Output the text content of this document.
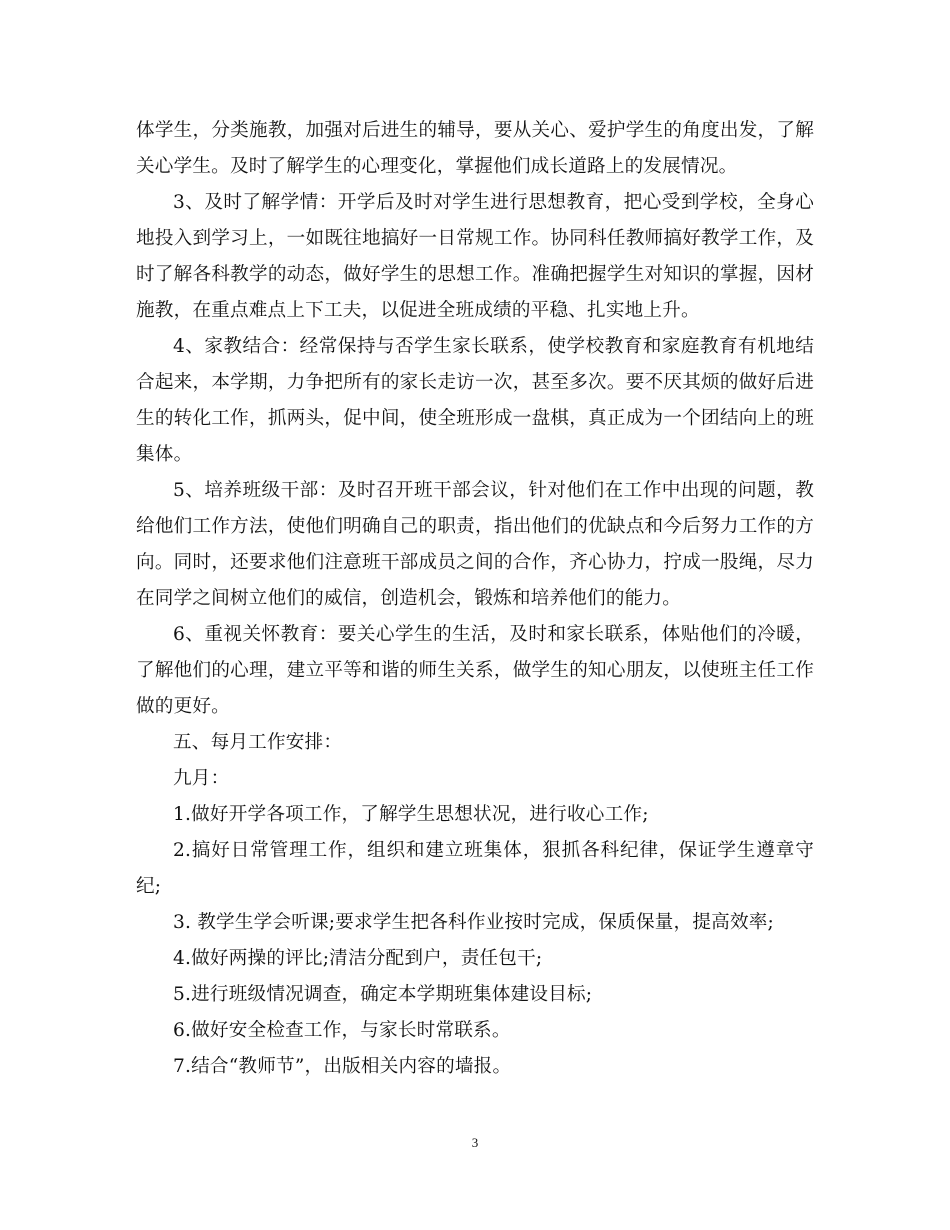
体学生，分类施教，加强对后进生的辅导，要从关心、爱护学生的角度出发，了解关心学生。及时了解学生的心理变化，掌握他们成长道路上的发展情况。

3、及时了解学情：开学后及时对学生进行思想教育，把心受到学校，全身心地投入到学习上，一如既往地搞好一日常规工作。协同科任教师搞好教学工作，及时了解各科教学的动态，做好学生的思想工作。准确把握学生对知识的掌握，因材施教，在重点难点上下工夫，以促进全班成绩的平稳、扎实地上升。

4、家教结合：经常保持与否学生家长联系，使学校教育和家庭教育有机地结合起来，本学期，力争把所有的家长走访一次，甚至多次。要不厌其烦的做好后进生的转化工作，抓两头，促中间，使全班形成一盘棋，真正成为一个团结向上的班集体。

5、培养班级干部：及时召开班干部会议，针对他们在工作中出现的问题，教给他们工作方法，使他们明确自己的职责，指出他们的优缺点和今后努力工作的方向。同时，还要求他们注意班干部成员之间的合作，齐心协力，拧成一股绳，尽力在同学之间树立他们的威信，创造机会，锻炼和培养他们的能力。

6、重视关怀教育：要关心学生的生活，及时和家长联系，体贴他们的冷暖，了解他们的心理，建立平等和谐的师生关系，做学生的知心朋友，以使班主任工作做的更好。

五、每月工作安排：

九月：

1.做好开学各项工作，了解学生思想状况，进行收心工作;

2.搞好日常管理工作，组织和建立班集体，狠抓各科纪律，保证学生遵章守纪;

3. 教学生学会听课;要求学生把各科作业按时完成，保质保量，提高效率;

4.做好两操的评比;清洁分配到户，责任包干;

5.进行班级情况调查，确定本学期班集体建设目标;

6.做好安全检查工作，与家长时常联系。

7.结合“教师节”，出版相关内容的墙报。

3
